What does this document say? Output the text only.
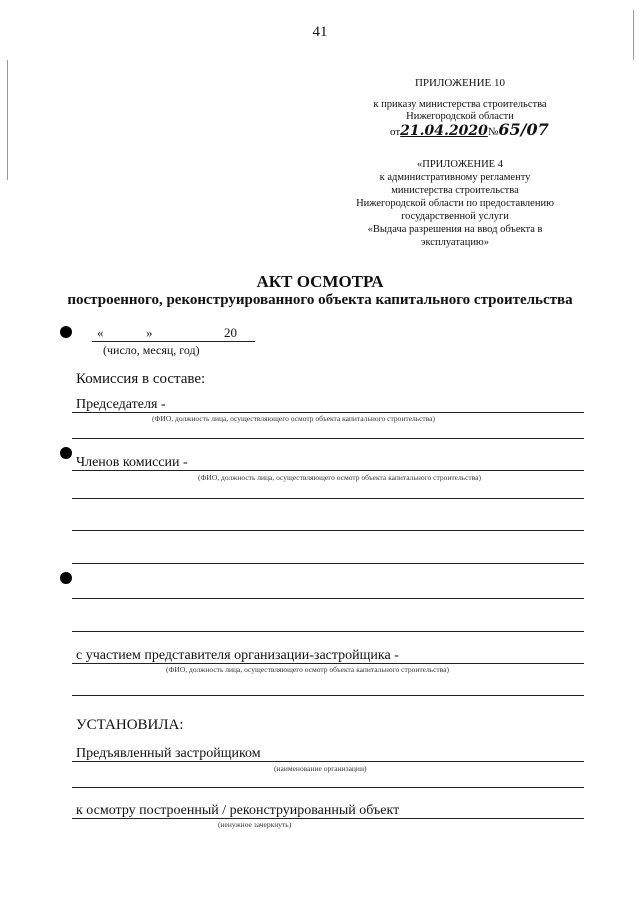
41
ПРИЛОЖЕНИЕ 10
к приказу министерства строительства
Нижегородской области
от21.04.2020№65/07
«ПРИЛОЖЕНИЕ 4
к административному регламенту
министерства строительства
Нижегородской области по предоставлению
государственной услуги
«Выдача разрешения на ввод объекта в
эксплуатацию»
АКТ ОСМОТРА
построенного, реконструированного объекта капитального строительства
«	»	20
(число, месяц, год)
Комиссия в составе:
Председателя -
(ФИО, должность лица, осуществляющего осмотр объекта капитального строительства)
Членов комиссии -
(ФИО, должность лица, осуществляющего осмотр объекта капитального строительства)
с участием представителя организации-застройщика -
(ФИО, должность лица, осуществляющего осмотр объекта капитального строительства)
УСТАНОВИЛА:
Предъявленный застройщиком
(наименование организации)
к осмотру построенный / реконструированный объект
(ненужное зачеркнуть)
